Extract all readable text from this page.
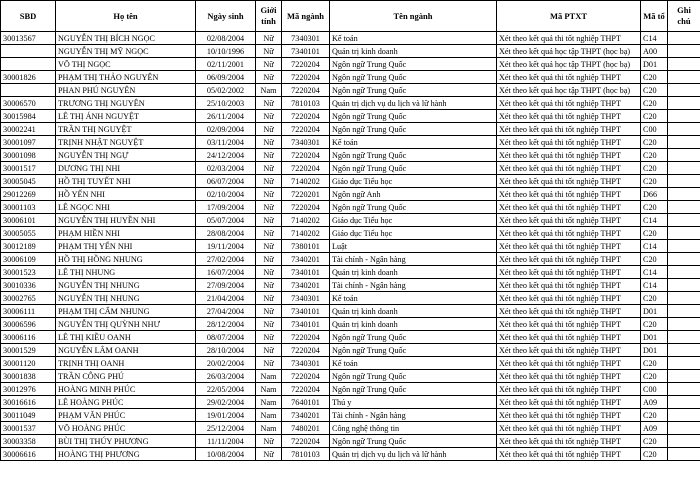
SBD	Họ tên	Ngày sinh	Giới tính	Mã ngành	Tên ngành	Mã PTXT	Mã tổ	Ghi chú
30013567	NGUYỄN THỊ BÍCH NGỌC	02/08/2004	Nữ	7340301	Kế toán	Xét theo kết quả thi tốt nghiệp THPT	C14	
	NGUYỄN THỊ MỸ NGỌC	10/10/1996	Nữ	7340101	Quản trị kinh doanh	Xét theo kết quả học tập THPT (học bạ)	A00	
	VÕ THỊ NGỌC	02/11/2001	Nữ	7220204	Ngôn ngữ Trung Quốc	Xét theo kết quả học tập THPT (học bạ)	D01	
30001826	PHẠM THỊ THẢO NGUYÊN	06/09/2004	Nữ	7220204	Ngôn ngữ Trung Quốc	Xét theo kết quả thi tốt nghiệp THPT	C20	
	PHAN PHÚ NGUYÊN	05/02/2002	Nam	7220204	Ngôn ngữ Trung Quốc	Xét theo kết quả học tập THPT (học bạ)	C20	
30006570	TRƯƠNG THỊ NGUYÊN	25/10/2003	Nữ	7810103	Quản trị dịch vụ du lịch và lữ hành	Xét theo kết quả thi tốt nghiệp THPT	C20	
30015984	LÊ THỊ ÁNH NGUYỆT	26/11/2004	Nữ	7220204	Ngôn ngữ Trung Quốc	Xét theo kết quả thi tốt nghiệp THPT	C20	
30002241	TRẦN THỊ NGUYỆT	02/09/2004	Nữ	7220204	Ngôn ngữ Trung Quốc	Xét theo kết quả thi tốt nghiệp THPT	C00	
30001097	TRỊNH NHẬT NGUYỆT	03/11/2004	Nữ	7340301	Kế toán	Xét theo kết quả thi tốt nghiệp THPT	C20	
30001098	NGUYỄN THỊ NGỰ	24/12/2004	Nữ	7220204	Ngôn ngữ Trung Quốc	Xét theo kết quả thi tốt nghiệp THPT	C20	
30001517	DƯƠNG THỊ NHI	02/03/2004	Nữ	7220204	Ngôn ngữ Trung Quốc	Xét theo kết quả thi tốt nghiệp THPT	C20	
30005045	HỒ THỊ TUYẾT NHI	06/07/2004	Nữ	7140202	Giáo dục Tiểu học	Xét theo kết quả thi tốt nghiệp THPT	C20	
29012269	HỒ YẾN NHI	02/10/2004	Nữ	7220201	Ngôn ngữ Anh	Xét theo kết quả thi tốt nghiệp THPT	D66	
30001103	LÊ NGỌC NHI	17/09/2004	Nữ	7220204	Ngôn ngữ Trung Quốc	Xét theo kết quả thi tốt nghiệp THPT	C20	
30006101	NGUYỄN THỊ HUYỀN NHI	05/07/2004	Nữ	7140202	Giáo dục Tiểu học	Xét theo kết quả thi tốt nghiệp THPT	C14	
30005055	PHẠM HIỀN NHI	28/08/2004	Nữ	7140202	Giáo dục Tiểu học	Xét theo kết quả thi tốt nghiệp THPT	C20	
30012189	PHẠM THỊ YẾN NHI	19/11/2004	Nữ	7380101	Luật	Xét theo kết quả thi tốt nghiệp THPT	C14	
30006109	HỒ THỊ HỒNG NHUNG	27/02/2004	Nữ	7340201	Tài chính - Ngân hàng	Xét theo kết quả thi tốt nghiệp THPT	C20	
30001523	LÊ THỊ NHUNG	16/07/2004	Nữ	7340101	Quản trị kinh doanh	Xét theo kết quả thi tốt nghiệp THPT	C14	
30010336	NGUYỄN THỊ NHUNG	27/09/2004	Nữ	7340201	Tài chính - Ngân hàng	Xét theo kết quả thi tốt nghiệp THPT	C14	
30002765	NGUYỄN THỊ NHUNG	21/04/2004	Nữ	7340301	Kế toán	Xét theo kết quả thi tốt nghiệp THPT	C20	
30006111	PHẠM THỊ CẨM NHUNG	27/04/2004	Nữ	7340101	Quản trị kinh doanh	Xét theo kết quả thi tốt nghiệp THPT	D01	
30006596	NGUYỄN THỊ QUỲNH NHƯ	28/12/2004	Nữ	7340101	Quản trị kinh doanh	Xét theo kết quả thi tốt nghiệp THPT	C20	
30006116	LÊ THỊ KIỀU OANH	08/07/2004	Nữ	7220204	Ngôn ngữ Trung Quốc	Xét theo kết quả thi tốt nghiệp THPT	D01	
30001529	NGUYỄN LÂM OANH	28/10/2004	Nữ	7220204	Ngôn ngữ Trung Quốc	Xét theo kết quả thi tốt nghiệp THPT	D01	
30001120	TRỊNH THỊ OANH	20/02/2004	Nữ	7340301	Kế toán	Xét theo kết quả thi tốt nghiệp THPT	C20	
30001838	TRẦN CÔNG PHÚ	26/03/2004	Nam	7220204	Ngôn ngữ Trung Quốc	Xét theo kết quả thi tốt nghiệp THPT	C20	
30012976	HOÀNG MINH PHÚC	22/05/2004	Nam	7220204	Ngôn ngữ Trung Quốc	Xét theo kết quả thi tốt nghiệp THPT	C00	
30016616	LÊ HOÀNG PHÚC	29/02/2004	Nam	7640101	Thú y	Xét theo kết quả thi tốt nghiệp THPT	A09	
30011049	PHẠM VĂN PHÚC	19/01/2004	Nam	7340201	Tài chính - Ngân hàng	Xét theo kết quả thi tốt nghiệp THPT	C20	
30001537	VÕ HOÀNG PHÚC	25/12/2004	Nam	7480201	Công nghệ thông tin	Xét theo kết quả thi tốt nghiệp THPT	A09	
30003358	BÙI THỊ THÚY PHƯƠNG	11/11/2004	Nữ	7220204	Ngôn ngữ Trung Quốc	Xét theo kết quả thi tốt nghiệp THPT	C20	
30006616	HOÀNG THỊ PHƯƠNG	10/08/2004	Nữ	7810103	Quản trị dịch vụ du lịch và lữ hành	Xét theo kết quả thi tốt nghiệp THPT	C20	
